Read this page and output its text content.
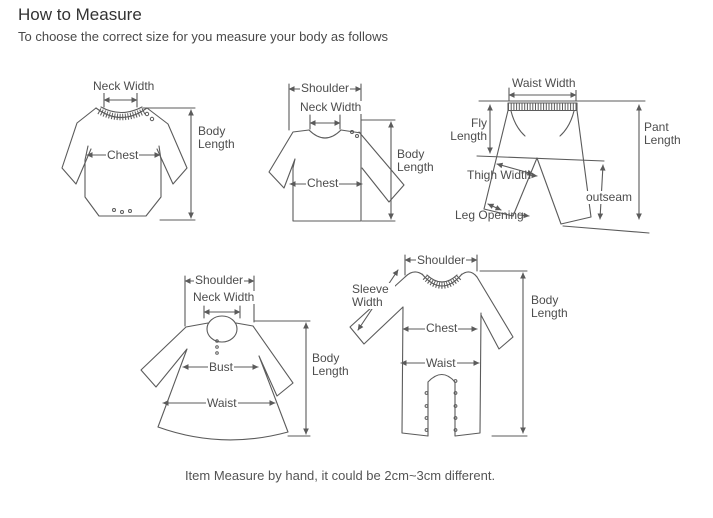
How to Measure
To choose the correct size for you measure your body as follows
Neck Width
Chest
Body Length
Shoulder
Neck Width
Chest
Body Length
Waist Width
Fly Length
Pant Length
Thigh Width
outseam
Leg Opening
Shoulder
Neck Width
Bust
Body Length
Waist
Shoulder
Sleeve Width
Chest
Waist
Body Length
Item Measure by hand, it could be 2cm~3cm different.
